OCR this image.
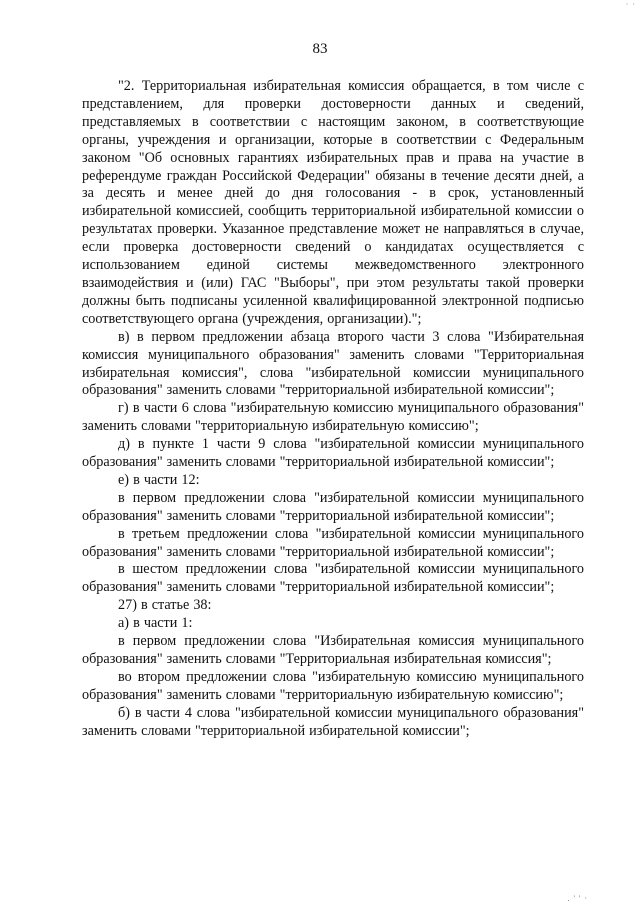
· ·
83

"2. Территориальная избирательная комиссия обращается, в том числе с представлением, для проверки достоверности данных и сведений, представляемых в соответствии с настоящим законом, в соответствующие органы, учреждения и организации, которые в соответствии с Федеральным законом "Об основных гарантиях избирательных прав и права на участие в референдуме граждан Российской Федерации" обязаны в течение десяти дней, а за десять и менее дней до дня голосования - в срок, установленный избирательной комиссией, сообщить территориальной избирательной комиссии о результатах проверки. Указанное представление может не направляться в случае, если проверка достоверности сведений о кандидатах осуществляется с использованием единой системы межведомственного электронного взаимодействия и (или) ГАС "Выборы", при этом результаты такой проверки должны быть подписаны усиленной квалифицированной электронной подписью соответствующего органа (учреждения, организации).";

в) в первом предложении абзаца второго части 3 слова "Избирательная комиссия муниципального образования" заменить словами "Территориальная избирательная комиссия", слова "избирательной комиссии муниципального образования" заменить словами "территориальной избирательной комиссии";

г) в части 6 слова "избирательную комиссию муниципального образования" заменить словами "территориальную избирательную комиссию";

д) в пункте 1 части 9 слова "избирательной комиссии муниципального образования" заменить словами "территориальной избирательной комиссии";

е) в части 12:

в первом предложении слова "избирательной комиссии муниципального образования" заменить словами "территориальной избирательной комиссии";

в третьем предложении слова "избирательной комиссии муниципального образования" заменить словами "территориальной избирательной комиссии";

в шестом предложении слова "избирательной комиссии муниципального образования" заменить словами "территориальной избирательной комиссии";

27) в статье 38:

а) в части 1:

в первом предложении слова "Избирательная комиссия муниципального образования" заменить словами "Территориальная избирательная комиссия";

во втором предложении слова "избирательную комиссию муниципального образования" заменить словами "территориальную избирательную комиссию";

б) в части 4 слова "избирательной комиссии муниципального образования" заменить словами "территориальной избирательной комиссии";

. ' ' ·
